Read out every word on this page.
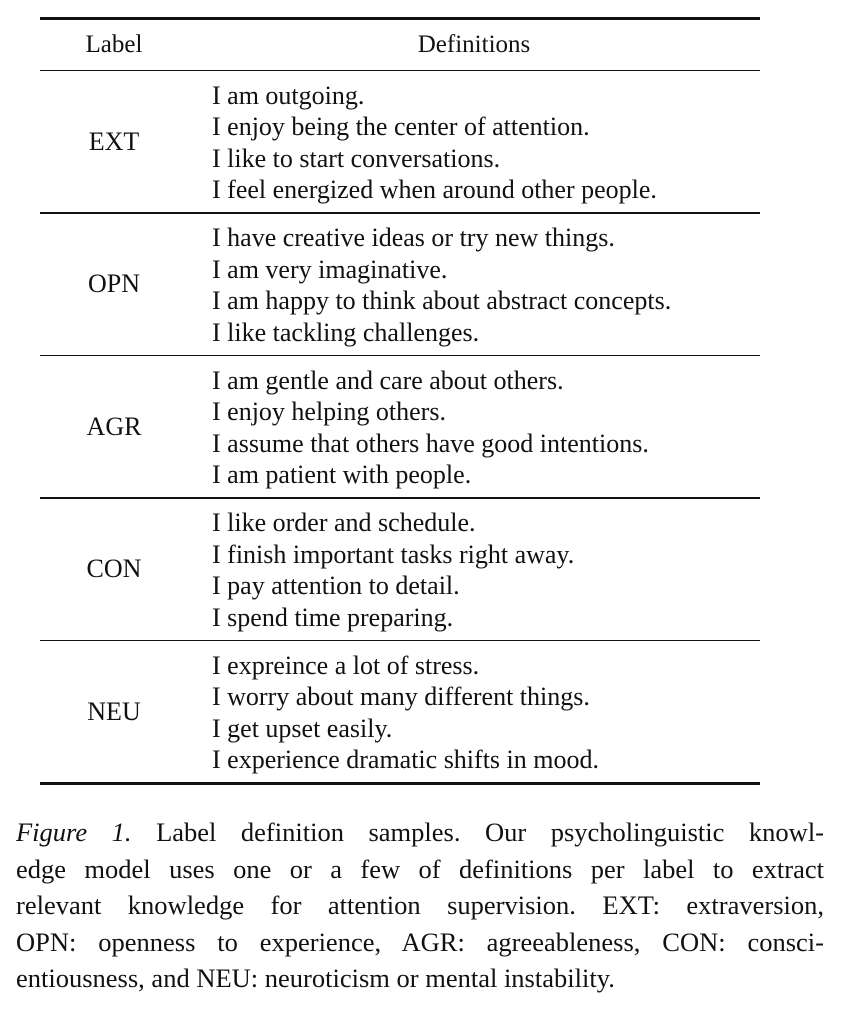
Label	Definitions
EXT
I am outgoing.
I enjoy being the center of attention.
I like to start conversations.
I feel energized when around other people.
OPN
I have creative ideas or try new things.
I am very imaginative.
I am happy to think about abstract concepts.
I like tackling challenges.
AGR
I am gentle and care about others.
I enjoy helping others.
I assume that others have good intentions.
I am patient with people.
CON
I like order and schedule.
I finish important tasks right away.
I pay attention to detail.
I spend time preparing.
NEU
I expreince a lot of stress.
I worry about many different things.
I get upset easily.
I experience dramatic shifts in mood.
Figure 1. Label definition samples. Our psycholinguistic knowl-
edge model uses one or a few of definitions per label to extract
relevant knowledge for attention supervision. EXT: extraversion,
OPN: openness to experience, AGR: agreeableness, CON: consci-
entiousness, and NEU: neuroticism or mental instability.
